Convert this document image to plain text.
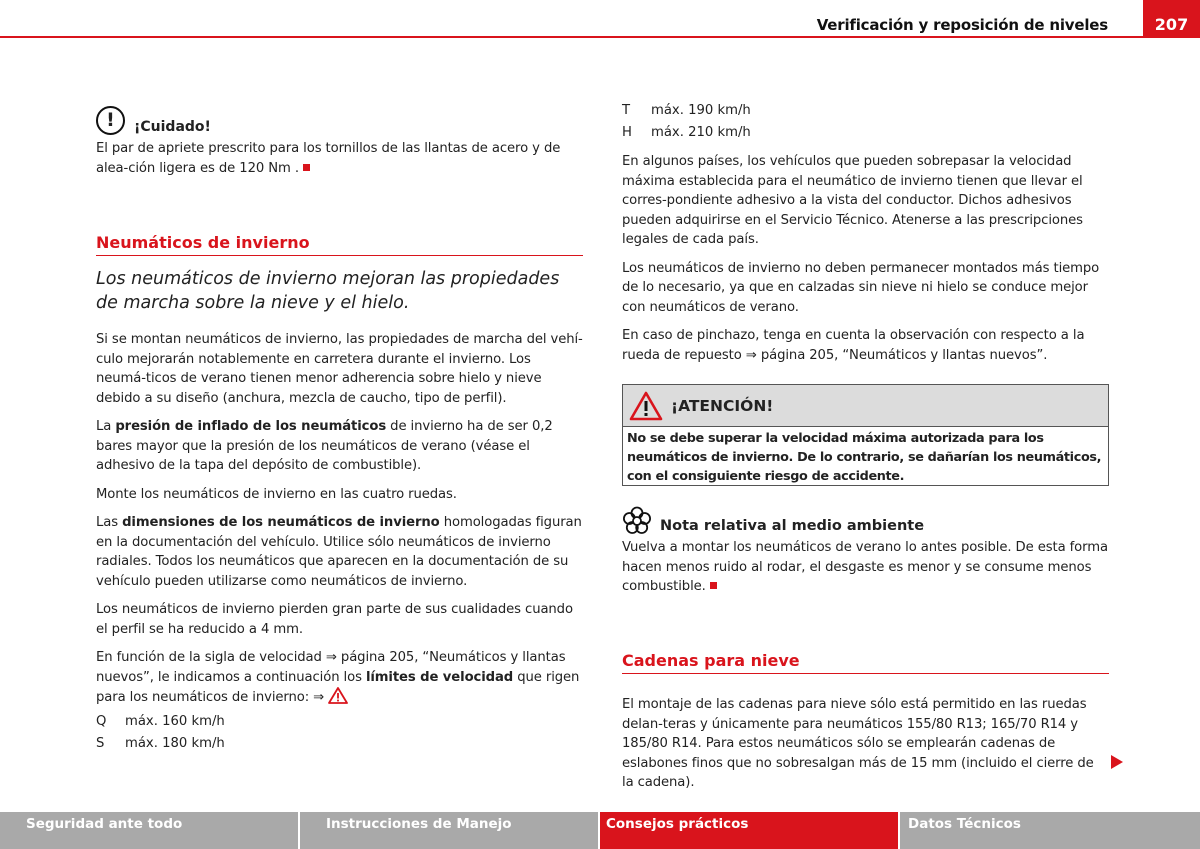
Verificación y reposición de niveles	207
!	¡Cuidado!

El par de apriete prescrito para los tornillos de las llantas de acero y de alea-ción ligera es de 120 Nm .

Neumáticos de invierno
Los neumáticos de invierno mejoran las propiedades de marcha sobre la nieve y el hielo.

Si se montan neumáticos de invierno, las propiedades de marcha del vehí-culo mejorarán notablemente en carretera durante el invierno. Los neumá-ticos de verano tienen menor adherencia sobre hielo y nieve debido a su diseño (anchura, mezcla de caucho, tipo de perfil).

La presión de inflado de los neumáticos de invierno ha de ser 0,2 bares mayor que la presión de los neumáticos de verano (véase el adhesivo de la tapa del depósito de combustible).

Monte los neumáticos de invierno en las cuatro ruedas.

Las dimensiones de los neumáticos de invierno homologadas figuran en la documentación del vehículo. Utilice sólo neumáticos de invierno radiales. Todos los neumáticos que aparecen en la documentación de su vehículo pueden utilizarse como neumáticos de invierno.

Los neumáticos de invierno pierden gran parte de sus cualidades cuando el perfil se ha reducido a 4 mm.

En función de la sigla de velocidad ⇒ página 205, “Neumáticos y llantas nuevos”, le indicamos a continuación los límites de velocidad que rigen para los neumáticos de invierno: ⇒

Q	máx. 160 km/h
S	máx. 180 km/h
T	máx. 190 km/h
H	máx. 210 km/h

En algunos países, los vehículos que pueden sobrepasar la velocidad máxima establecida para el neumático de invierno tienen que llevar el corres-pondiente adhesivo a la vista del conductor. Dichos adhesivos pueden adquirirse en el Servicio Técnico. Atenerse a las prescripciones legales de cada país.

Los neumáticos de invierno no deben permanecer montados más tiempo de lo necesario, ya que en calzadas sin nieve ni hielo se conduce mejor con neumáticos de verano.

En caso de pinchazo, tenga en cuenta la observación con respecto a la rueda de repuesto ⇒ página 205, “Neumáticos y llantas nuevos”.

¡ATENCIÓN!
No se debe superar la velocidad máxima autorizada para los neumáticos de invierno. De lo contrario, se dañarían los neumáticos, con el consiguiente riesgo de accidente.
Nota relativa al medio ambiente

Vuelva a montar los neumáticos de verano lo antes posible. De esta forma hacen menos ruido al rodar, el desgaste es menor y se consume menos combustible.

Cadenas para nieve

El montaje de las cadenas para nieve sólo está permitido en las ruedas delan-teras y únicamente para neumáticos 155/80 R13; 165/70 R14 y 185/80 R14. Para estos neumáticos sólo se emplearán cadenas de eslabones finos que no sobresalgan más de 15 mm (incluido el cierre de la cadena).

Seguridad ante todo	Instrucciones de Manejo	Consejos prácticos	Datos Técnicos
